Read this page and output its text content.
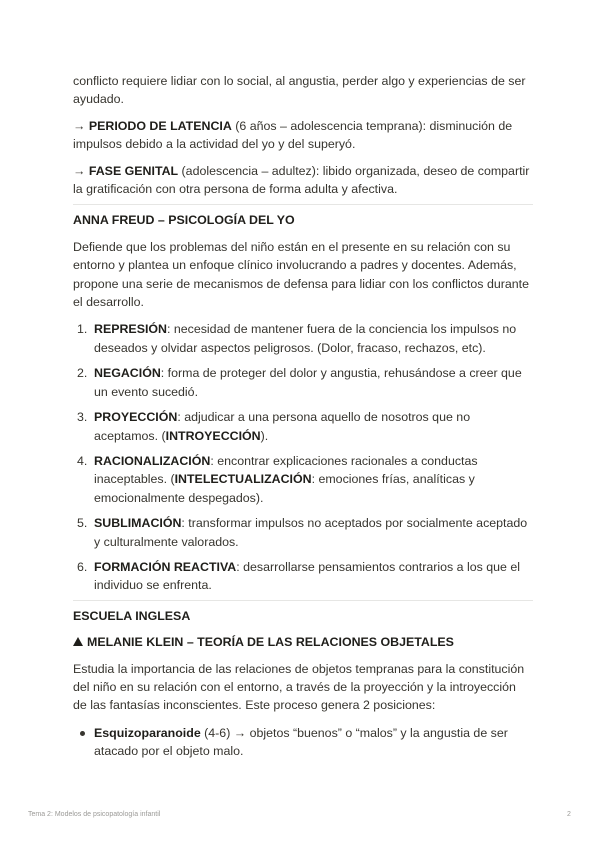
conflicto requiere lidiar con lo social, al angustia, perder algo y experiencias de ser ayudado.

→ PERIODO DE LATENCIA (6 años – adolescencia temprana): disminución de impulsos debido a la actividad del yo y del superyó.

→ FASE GENITAL (adolescencia – adultez): libido organizada, deseo de compartir la gratificación con otra persona de forma adulta y afectiva.

ANNA FREUD – PSICOLOGÍA DEL YO

Defiende que los problemas del niño están en el presente en su relación con su entorno y plantea un enfoque clínico involucrando a padres y docentes. Además, propone una serie de mecanismos de defensa para lidiar con los conflictos durante el desarrollo.

1. REPRESIÓN: necesidad de mantener fuera de la conciencia los impulsos no deseados y olvidar aspectos peligrosos. (Dolor, fracaso, rechazos, etc).
2. NEGACIÓN: forma de proteger del dolor y angustia, rehusándose a creer que un evento sucedió.
3. PROYECCIÓN: adjudicar a una persona aquello de nosotros que no aceptamos. (INTROYECCIÓN).
4. RACIONALIZACIÓN: encontrar explicaciones racionales a conductas inaceptables. (INTELECTUALIZACIÓN: emociones frías, analíticas y emocionalmente despegados).
5. SUBLIMACIÓN: transformar impulsos no aceptados por socialmente aceptado y culturalmente valorados.
6. FORMACIÓN REACTIVA: desarrollarse pensamientos contrarios a los que el individuo se enfrenta.

ESCUELA INGLESA

MELANIE KLEIN – TEORÍA DE LAS RELACIONES OBJETALES

Estudia la importancia de las relaciones de objetos tempranas para la constitución del niño en su relación con el entorno, a través de la proyección y la introyección de las fantasías inconscientes. Este proceso genera 2 posiciones:

Esquizoparanoide (4-6) → objetos “buenos” o “malos” y la angustia de ser atacado por el objeto malo.
Tema 2: Modelos de psicopatología infantil	2
